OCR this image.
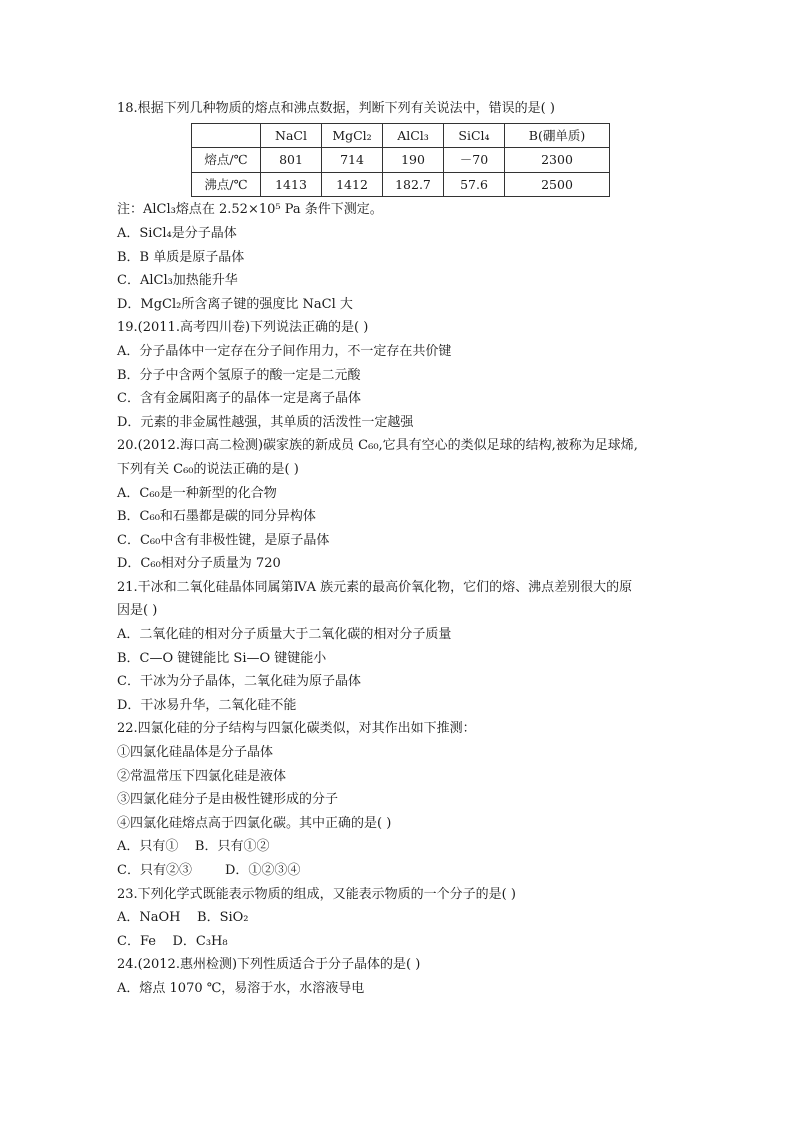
18.根据下列几种物质的熔点和沸点数据，判断下列有关说法中，错误的是( )
	NaCl	MgCl₂	AlCl₃	SiCl₄	B(硼单质)
熔点/℃	801	714	190	－70	2300
沸点/℃	1413	1412	182.7	57.6	2500
注：AlCl₃熔点在 2.52×10⁵ Pa 条件下测定。
A．SiCl₄是分子晶体
B．B 单质是原子晶体
C．AlCl₃加热能升华
D．MgCl₂所含离子键的强度比 NaCl 大
19.(2011.高考四川卷)下列说法正确的是( )
A．分子晶体中一定存在分子间作用力，不一定存在共价键
B．分子中含两个氢原子的酸一定是二元酸
C．含有金属阳离子的晶体一定是离子晶体
D．元素的非金属性越强，其单质的活泼性一定越强
20.(2012.海口高二检测)碳家族的新成员 C₆₀,它具有空心的类似足球的结构,被称为足球烯,
下列有关 C₆₀的说法正确的是( )
A．C₆₀是一种新型的化合物
B．C₆₀和石墨都是碳的同分异构体
C．C₆₀中含有非极性键，是原子晶体
D．C₆₀相对分子质量为 720
21.干冰和二氧化硅晶体同属第ⅣA 族元素的最高价氧化物，它们的熔、沸点差别很大的原
因是( )
A．二氧化硅的相对分子质量大于二氧化碳的相对分子质量
B．C—O 键键能比 Si—O 键键能小
C．干冰为分子晶体，二氧化硅为原子晶体
D．干冰易升华，二氧化硅不能
22.四氯化硅的分子结构与四氯化碳类似，对其作出如下推测：
①四氯化硅晶体是分子晶体
②常温常压下四氯化硅是液体
③四氯化硅分子是由极性键形成的分子
④四氯化硅熔点高于四氯化碳。其中正确的是( )
A．只有①    B．只有①②
C．只有②③        D．①②③④
23.下列化学式既能表示物质的组成，又能表示物质的一个分子的是( )
A．NaOH    B．SiO₂
C．Fe    D．C₃H₈
24.(2012.惠州检测)下列性质适合于分子晶体的是( )
A．熔点 1070 ℃，易溶于水，水溶液导电
